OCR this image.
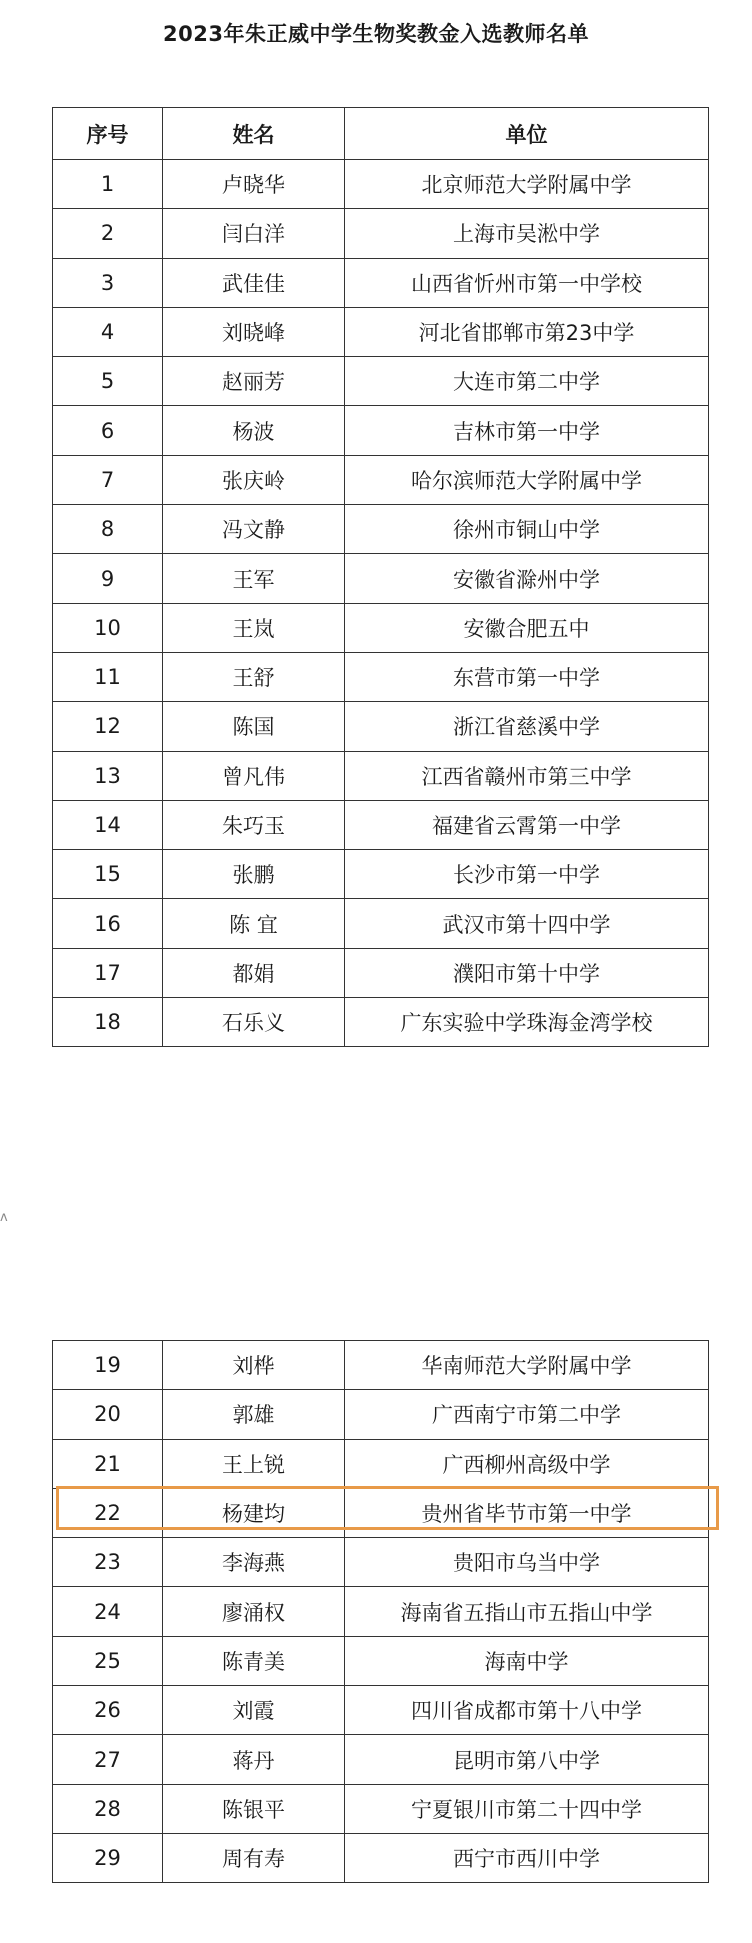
2023年朱正威中学生物奖教金入选教师名单
序号	姓名	单位
1	卢晓华	北京师范大学附属中学
2	闫白洋	上海市吴淞中学
3	武佳佳	山西省忻州市第一中学校
4	刘晓峰	河北省邯郸市第23中学
5	赵丽芳	大连市第二中学
6	杨波	吉林市第一中学
7	张庆岭	哈尔滨师范大学附属中学
8	冯文静	徐州市铜山中学
9	王军	安徽省滁州中学
10	王岚	安徽合肥五中
11	王舒	东营市第一中学
12	陈国	浙江省慈溪中学
13	曾凡伟	江西省赣州市第三中学
14	朱巧玉	福建省云霄第一中学
15	张鹏	长沙市第一中学
16	陈 宜	武汉市第十四中学
17	都娟	濮阳市第十中学
18	石乐义	广东实验中学珠海金湾学校
ʌ
19	刘桦	华南师范大学附属中学
20	郭雄	广西南宁市第二中学
21	王上锐	广西柳州高级中学
22	杨建均	贵州省毕节市第一中学
23	李海燕	贵阳市乌当中学
24	廖涌权	海南省五指山市五指山中学
25	陈青美	海南中学
26	刘霞	四川省成都市第十八中学
27	蒋丹	昆明市第八中学
28	陈银平	宁夏银川市第二十四中学
29	周有寿	西宁市西川中学
